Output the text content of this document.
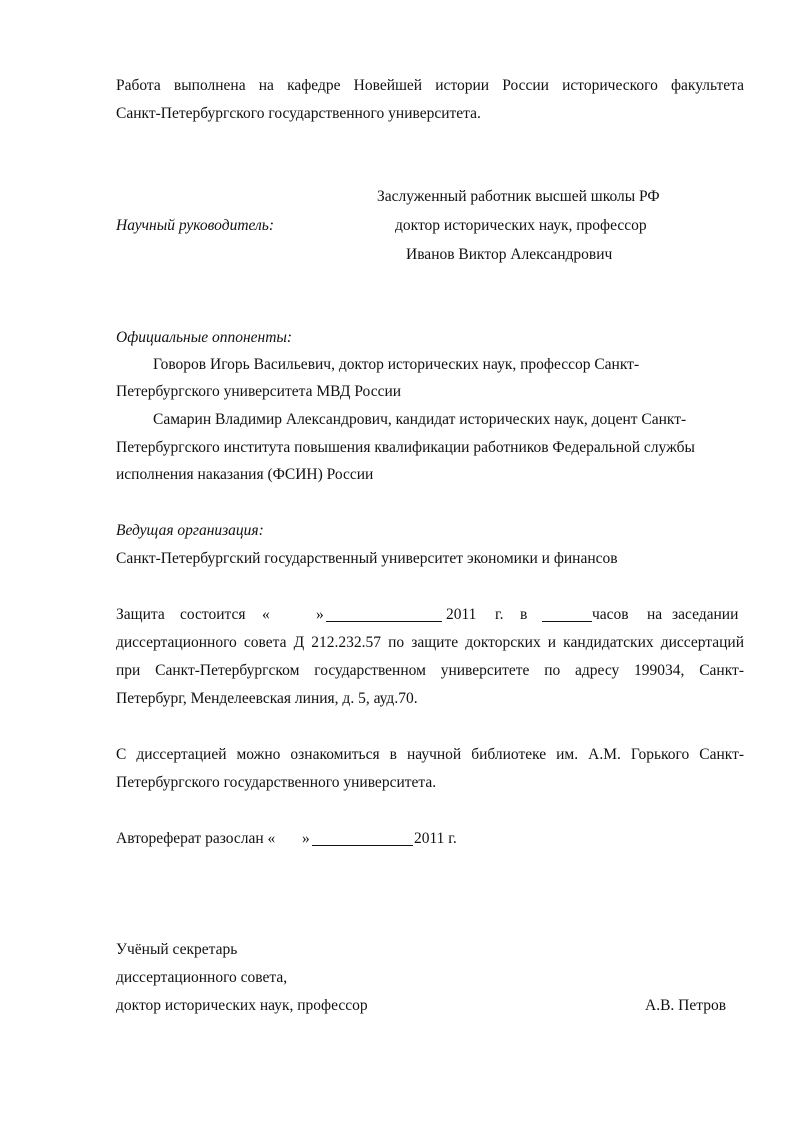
Работа выполнена на кафедре Новейшей истории России исторического факультета
Санкт-Петербургского государственного университета.
Заслуженный работник высшей школы РФ
Научный руководитель:	доктор исторических наук, профессор
Иванов Виктор Александрович
Официальные оппоненты:
Говоров Игорь Васильевич, доктор исторических наук, профессор Санкт-
Петербургского университета МВД России
Самарин Владимир Александрович, кандидат исторических наук, доцент Санкт-
Петербургского института повышения квалификации работников Федеральной службы
исполнения наказания (ФСИН) России
Ведущая организация:
Санкт-Петербургский государственный университет экономики и финансов
Защита состоится «	»	2011 г. в	часов на заседании
диссертационного совета Д 212.232.57 по защите докторских и кандидатских диссертаций
при Санкт-Петербургском государственном университете по адресу 199034, Санкт-
Петербург, Менделеевская линия, д. 5, ауд.70.
С диссертацией можно ознакомиться в научной библиотеке им. А.М. Горького Санкт-
Петербургского государственного университета.
Автореферат разослан « »	2011 г.
Учёный секретарь
диссертационного совета,
доктор исторических наук, профессор	А.В. Петров
